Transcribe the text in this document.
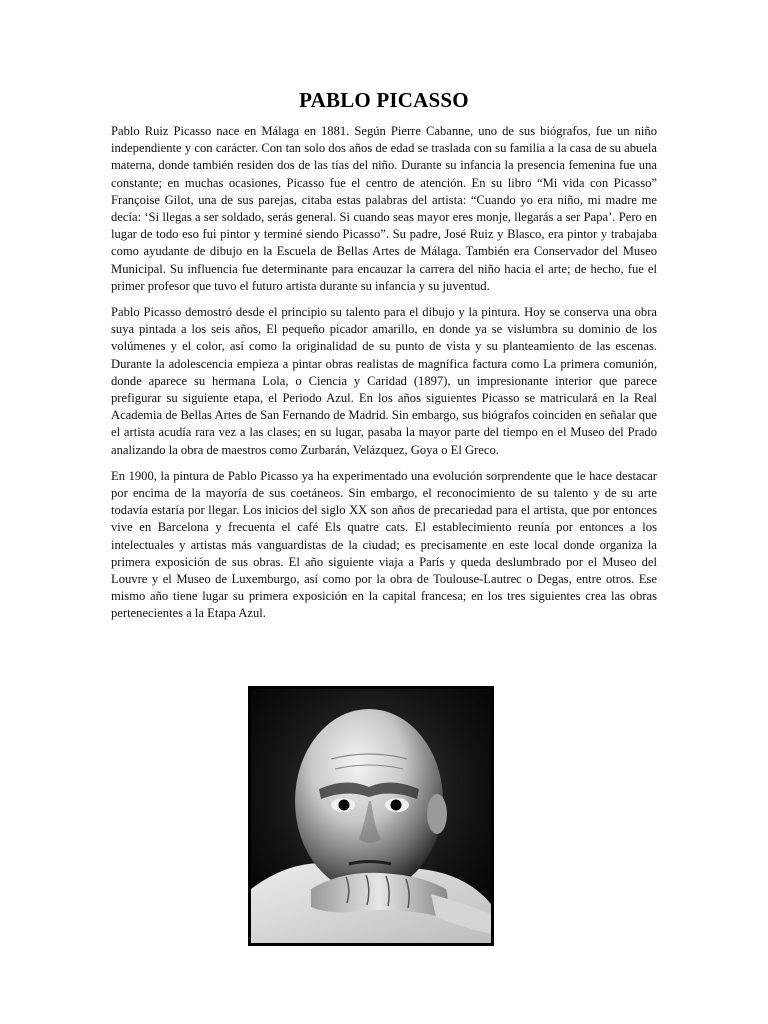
PABLO PICASSO

Pablo Ruiz Picasso nace en Málaga en 1881. Según Pierre Cabanne, uno de sus biógrafos, fue un niño independiente y con carácter. Con tan solo dos años de edad se traslada con su familia a la casa de su abuela materna, donde también residen dos de las tías del niño. Durante su infancia la presencia femenina fue una constante; en muchas ocasiones, Picasso fue el centro de atención. En su libro “Mi vida con Picasso” Françoise Gilot, una de sus parejas, citaba estas palabras del artista: “Cuando yo era niño, mi madre me decía: ‘Si llegas a ser soldado, serás general. Si cuando seas mayor eres monje, llegarás a ser Papa’. Pero en lugar de todo eso fui pintor y terminé siendo Picasso”. Su padre, José Ruiz y Blasco, era pintor y trabajaba como ayudante de dibujo en la Escuela de Bellas Artes de Málaga. También era Conservador del Museo Municipal. Su influencia fue determinante para encauzar la carrera del niño hacia el arte; de hecho, fue el primer profesor que tuvo el futuro artista durante su infancia y su juventud.

Pablo Picasso demostró desde el principio su talento para el dibujo y la pintura. Hoy se conserva una obra suya pintada a los seis años, El pequeño picador amarillo, en donde ya se vislumbra su dominio de los volúmenes y el color, así como la originalidad de su punto de vista y su planteamiento de las escenas. Durante la adolescencia empieza a pintar obras realistas de magnífica factura como La primera comunión, donde aparece su hermana Lola, o Ciencia y Caridad (1897), un impresionante interior que parece prefigurar su siguiente etapa, el Periodo Azul. En los años siguientes Picasso se matriculará en la Real Academia de Bellas Artes de San Fernando de Madrid. Sin embargo, sus biógrafos coinciden en señalar que el artista acudía rara vez a las clases; en su lugar, pasaba la mayor parte del tiempo en el Museo del Prado analizando la obra de maestros como Zurbarán, Velázquez, Goya o El Greco.

En 1900, la pintura de Pablo Picasso ya ha experimentado una evolución sorprendente que le hace destacar por encima de la mayoría de sus coetáneos. Sin embargo, el reconocimiento de su talento y de su arte todavía estaría por llegar. Los inicios del siglo XX son años de precariedad para el artista, que por entonces vive en Barcelona y frecuenta el café Els quatre cats. El establecimiento reunía por entonces a los intelectuales y artistas más vanguardistas de la ciudad; es precisamente en este local donde organiza la primera exposición de sus obras. El año siguiente viaja a París y queda deslumbrado por el Museo del Louvre y el Museo de Luxemburgo, así como por la obra de Toulouse-Lautrec o Degas, entre otros. Ese mismo año tiene lugar su primera exposición en la capital francesa; en los tres siguientes crea las obras pertenecientes a la Etapa Azul.
